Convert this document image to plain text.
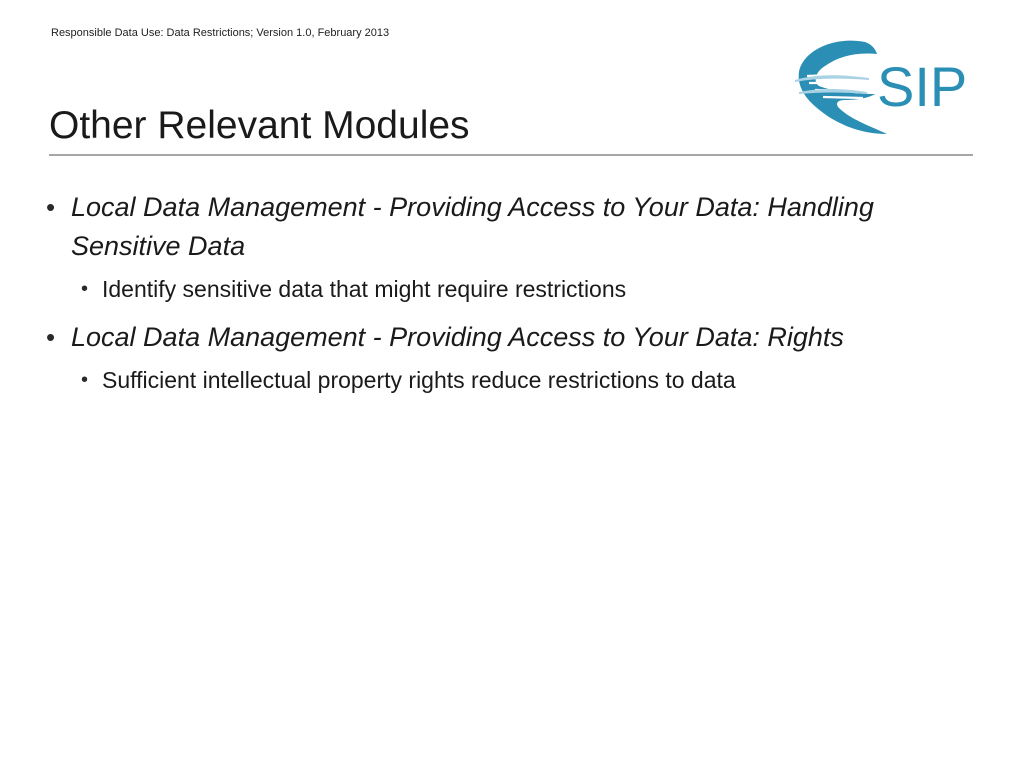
Responsible Data Use: Data Restrictions; Version 1.0, February 2013
SIP
Other Relevant Modules
• Local Data Management - Providing Access to Your Data: Handling Sensitive Data
• Identify sensitive data that might require restrictions
• Local Data Management - Providing Access to Your Data: Rights
• Sufficient intellectual property rights reduce restrictions to data
